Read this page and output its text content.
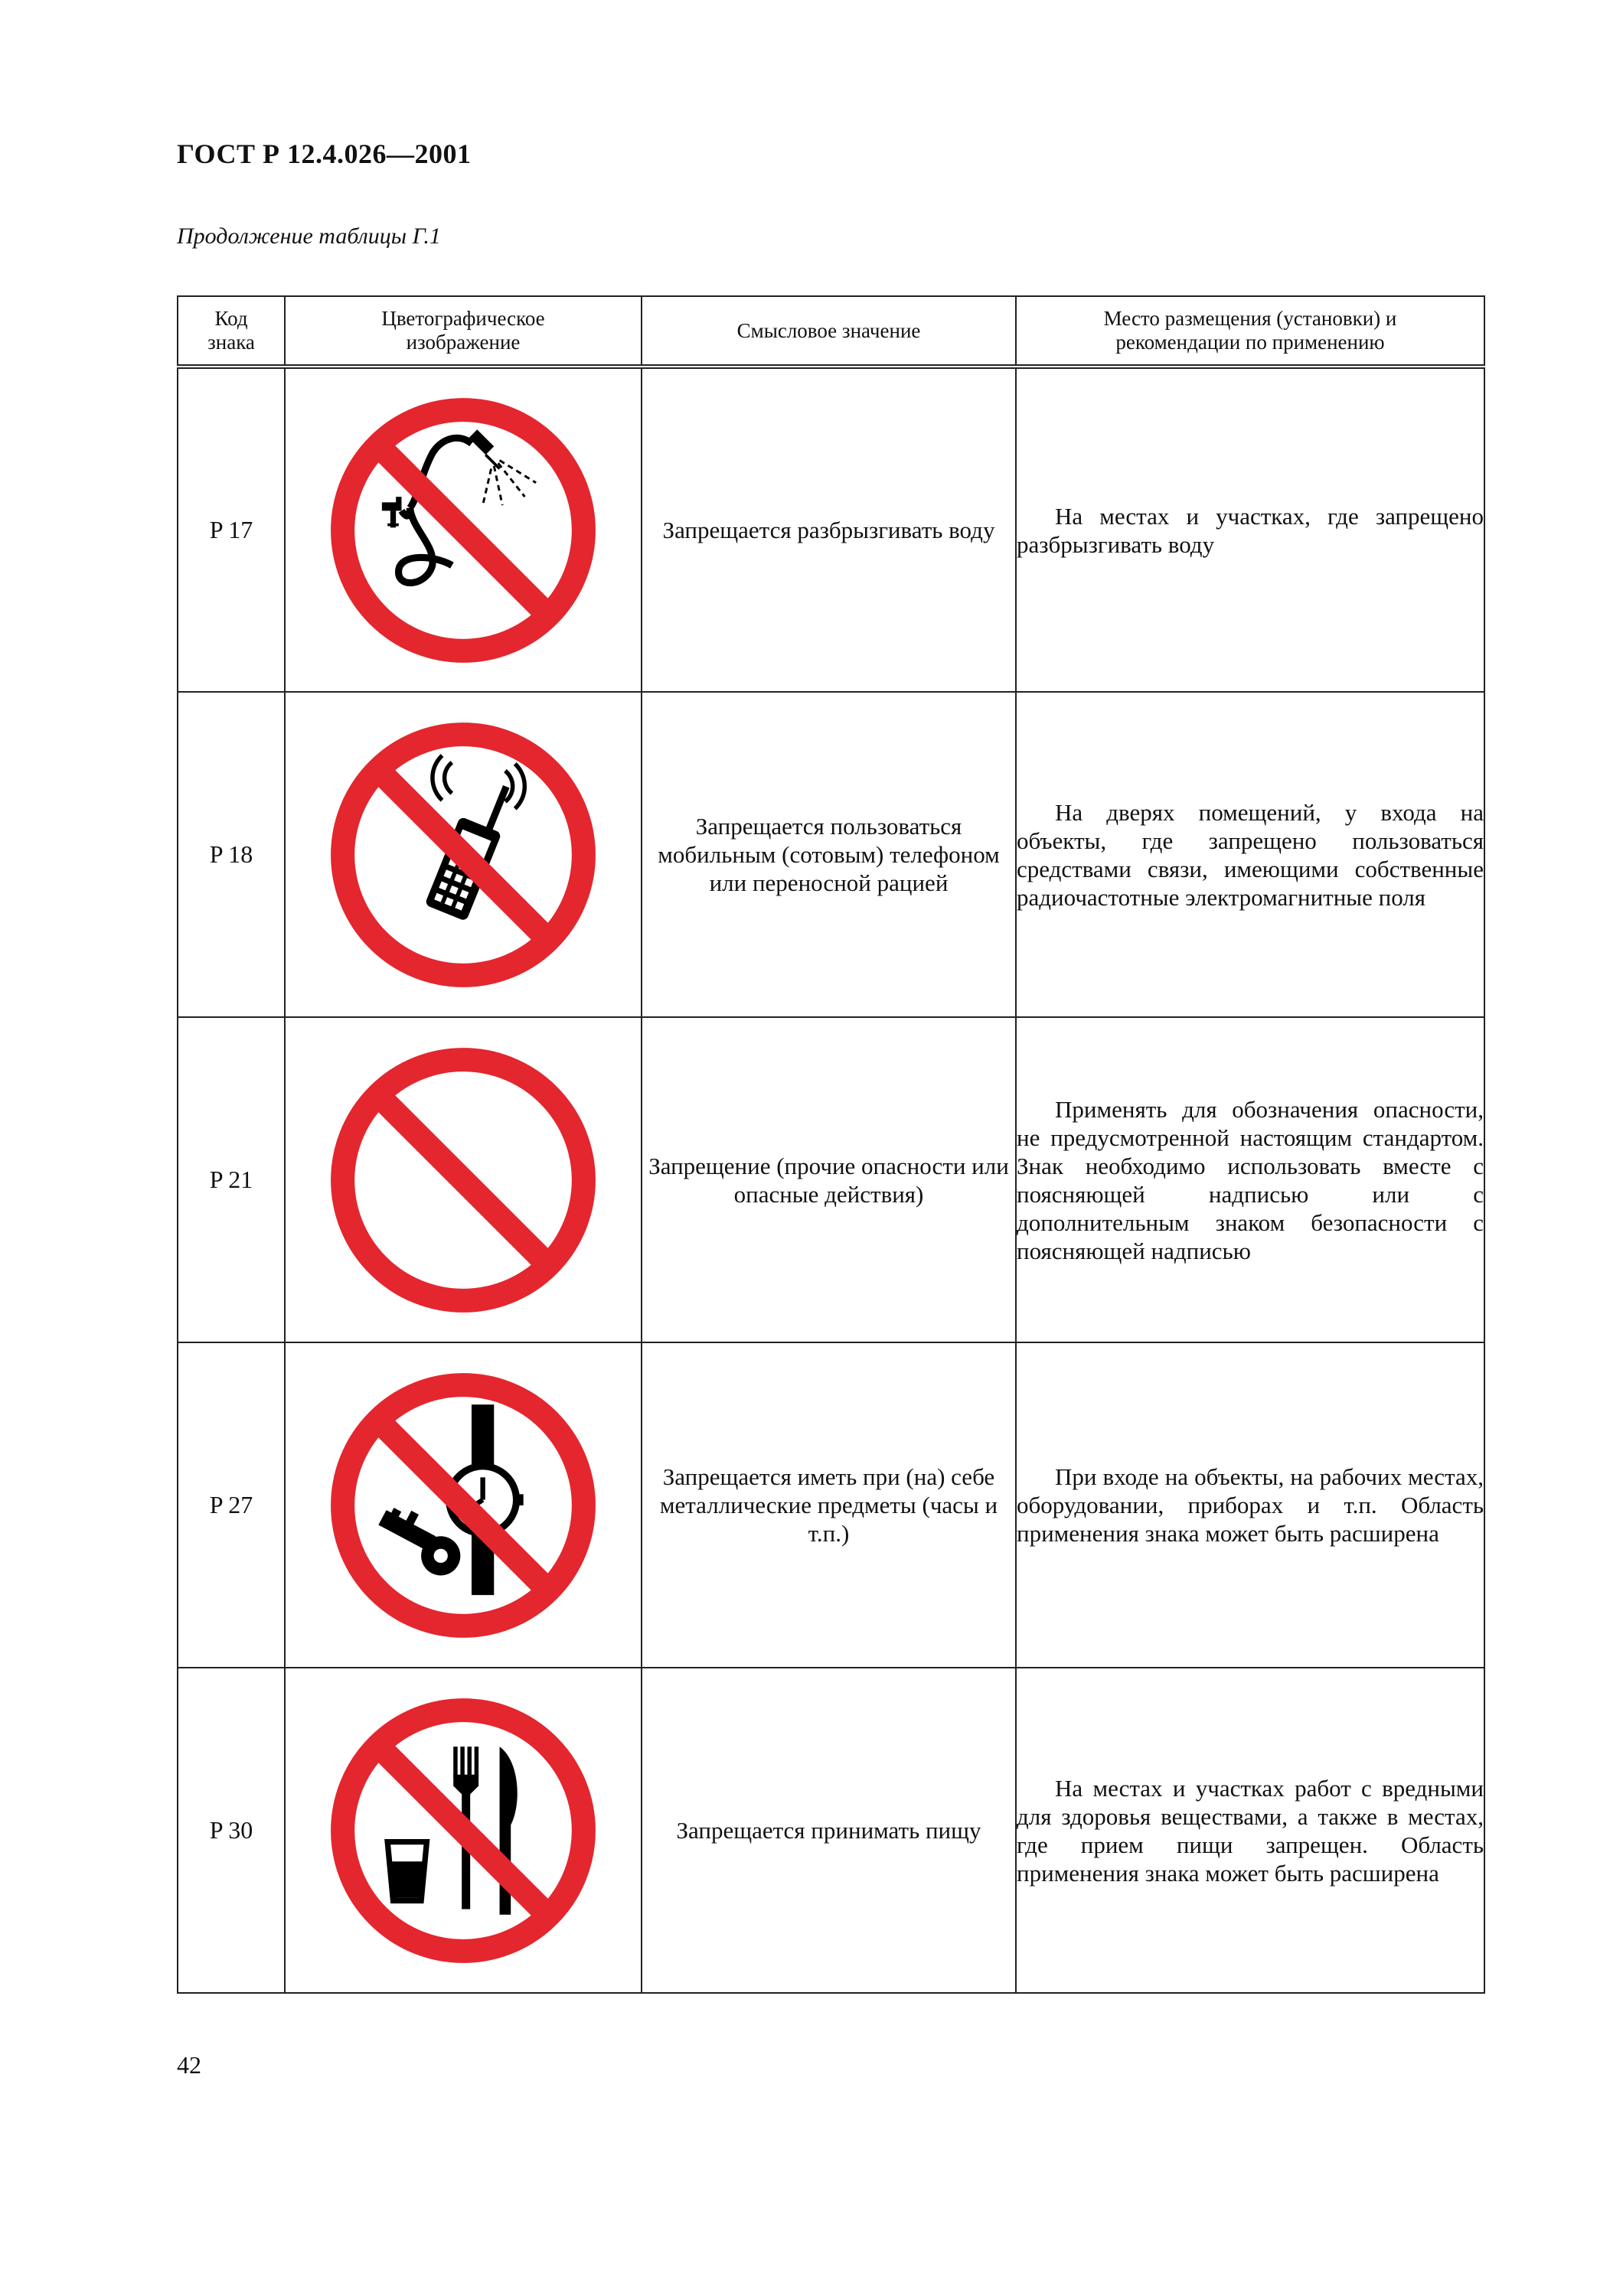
ГОСТ Р 12.4.026—2001
Продолжение таблицы Г.1
Код знака	Цветографическое изображение	Смысловое значение	Место размещения (установки) и рекомендации по применению
P 17		Запрещается разбрызгивать воду	На местах и участках, где запрещено разбрызгивать воду
P 18		Запрещается пользоваться мобильным (сотовым) телефоном или переносной рацией	На дверях помещений, у входа на объекты, где запрещено пользоваться средствами связи, имеющими собственные радиочастотные электромагнитные поля
P 21		Запрещение (прочие опасности или опасные действия)	Применять для обозначения опасности, не предусмотренной настоящим стандартом. Знак необходимо использовать вместе с поясняющей надписью или с дополнительным знаком безопасности с поясняющей надписью
P 27		Запрещается иметь при (на) себе металлические предметы (часы и т.п.)	При входе на объекты, на рабочих местах, оборудовании, приборах и т.п. Область применения знака может быть расширена
P 30		Запрещается принимать пищу	На местах и участках работ с вредными для здоровья веществами, а также в местах, где прием пищи запрещен. Область применения знака может быть расширена
42
